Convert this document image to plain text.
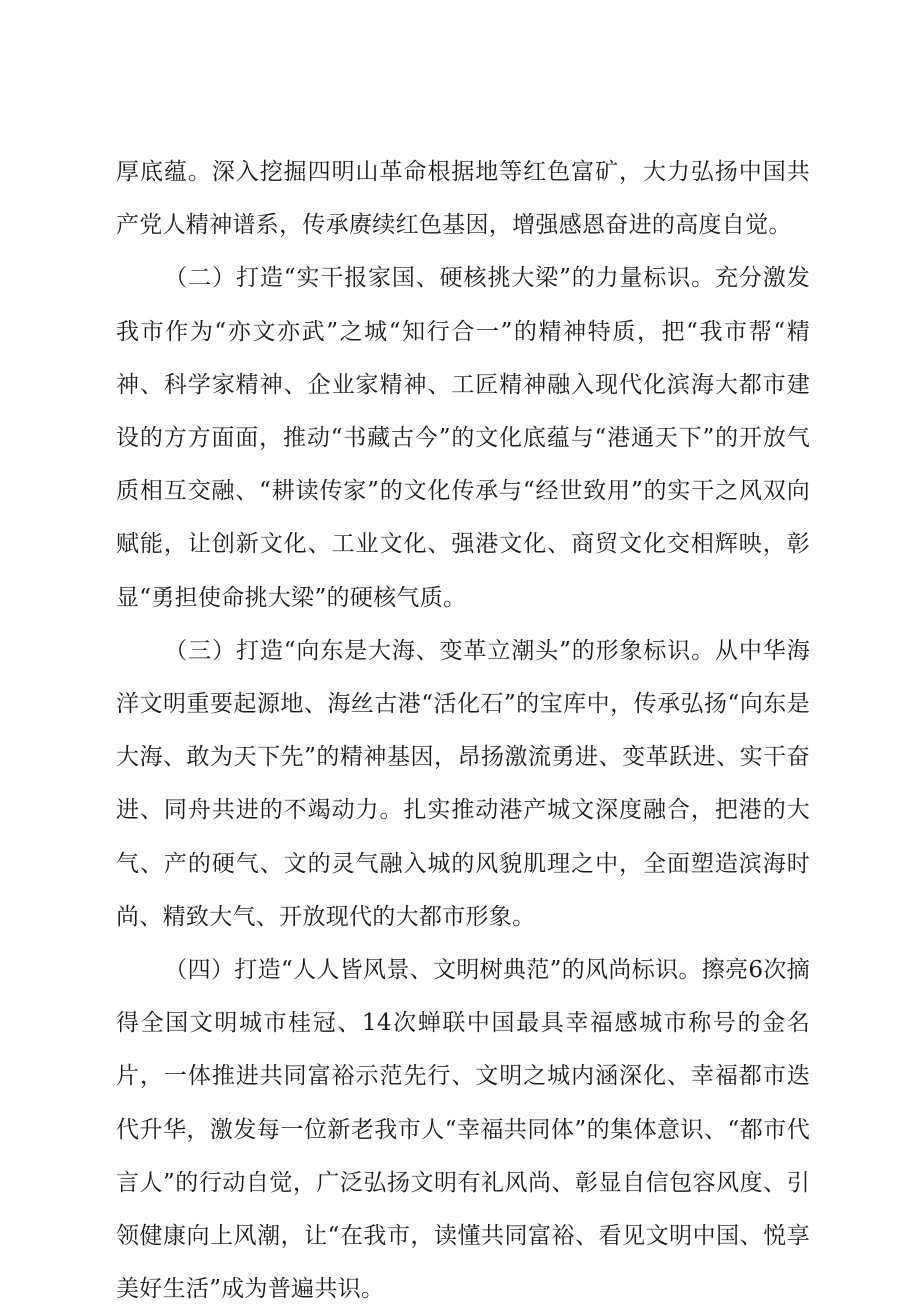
厚底蕴。深入挖掘四明山革命根据地等红色富矿，大力弘扬中国共产党人精神谱系，传承赓续红色基因，增强感恩奋进的高度自觉。

（二）打造“实干报家国、硬核挑大梁”的力量标识。充分激发我市作为“亦文亦武”之城“知行合一”的精神特质，把“我市帮“精神、科学家精神、企业家精神、工匠精神融入现代化滨海大都市建设的方方面面，推动“书藏古今”的文化底蕴与“港通天下”的开放气质相互交融、“耕读传家”的文化传承与“经世致用”的实干之风双向赋能，让创新文化、工业文化、强港文化、商贸文化交相辉映，彰显“勇担使命挑大梁”的硬核气质。

（三）打造“向东是大海、变革立潮头”的形象标识。从中华海洋文明重要起源地、海丝古港“活化石”的宝库中，传承弘扬“向东是大海、敢为天下先”的精神基因，昂扬激流勇进、变革跃进、实干奋进、同舟共进的不竭动力。扎实推动港产城文深度融合，把港的大气、产的硬气、文的灵气融入城的风貌肌理之中，全面塑造滨海时尚、精致大气、开放现代的大都市形象。

（四）打造“人人皆风景、文明树典范”的风尚标识。擦亮6次摘得全国文明城市桂冠、14次蝉联中国最具幸福感城市称号的金名片，一体推进共同富裕示范先行、文明之城内涵深化、幸福都市迭代升华，激发每一位新老我市人“幸福共同体”的集体意识、“都市代言人”的行动自觉，广泛弘扬文明有礼风尚、彰显自信包容风度、引领健康向上风潮，让“在我市，读懂共同富裕、看见文明中国、悦享美好生活”成为普遍共识。
